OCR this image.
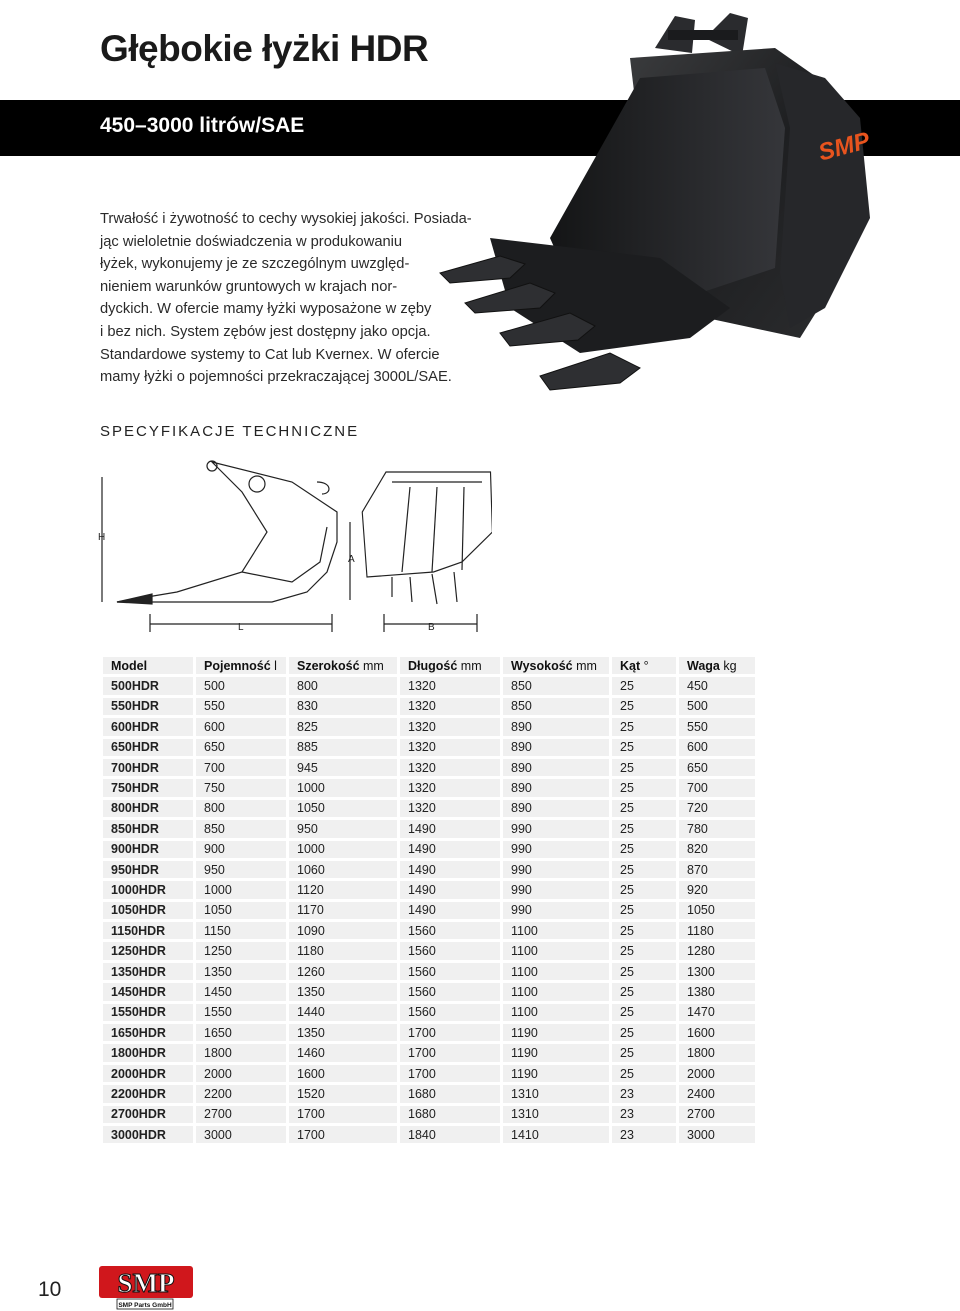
Głębokie łyżki HDR
450–3000 litrów/SAE
Trwałość i żywotność to cechy wysokiej jakości. Posiada-
jąc wieloletnie doświadczenia w produkowaniu
łyżek, wykonujemy je ze szczególnym uwzględ-
nieniem warunków gruntowych w krajach nor-
dyckich. W ofercie mamy łyżki wyposażone w zęby
i bez nich. System zębów jest dostępny jako opcja.
Standardowe systemy to Cat lub Kvernex. W ofercie
mamy łyżki o pojemności przekraczającej 3000L/SAE.
SMP
SPECYFIKACJE TECHNICZNE
H
A
L	B
Model	Pojemność l	Szerokość mm	Długość mm	Wysokość mm	Kąt °	Waga kg
500HDR	500	800	1320	850	25	450
550HDR	550	830	1320	850	25	500
600HDR	600	825	1320	890	25	550
650HDR	650	885	1320	890	25	600
700HDR	700	945	1320	890	25	650
750HDR	750	1000	1320	890	25	700
800HDR	800	1050	1320	890	25	720
850HDR	850	950	1490	990	25	780
900HDR	900	1000	1490	990	25	820
950HDR	950	1060	1490	990	25	870
1000HDR	1000	1120	1490	990	25	920
1050HDR	1050	1170	1490	990	25	1050
1150HDR	1150	1090	1560	1100	25	1180
1250HDR	1250	1180	1560	1100	25	1280
1350HDR	1350	1260	1560	1100	25	1300
1450HDR	1450	1350	1560	1100	25	1380
1550HDR	1550	1440	1560	1100	25	1470
1650HDR	1650	1350	1700	1190	25	1600
1800HDR	1800	1460	1700	1190	25	1800
2000HDR	2000	1600	1700	1190	25	2000
2200HDR	2200	1520	1680	1310	23	2400
2700HDR	2700	1700	1680	1310	23	2700
3000HDR	3000	1700	1840	1410	23	3000
10 SMP
SMP Parts GmbH
